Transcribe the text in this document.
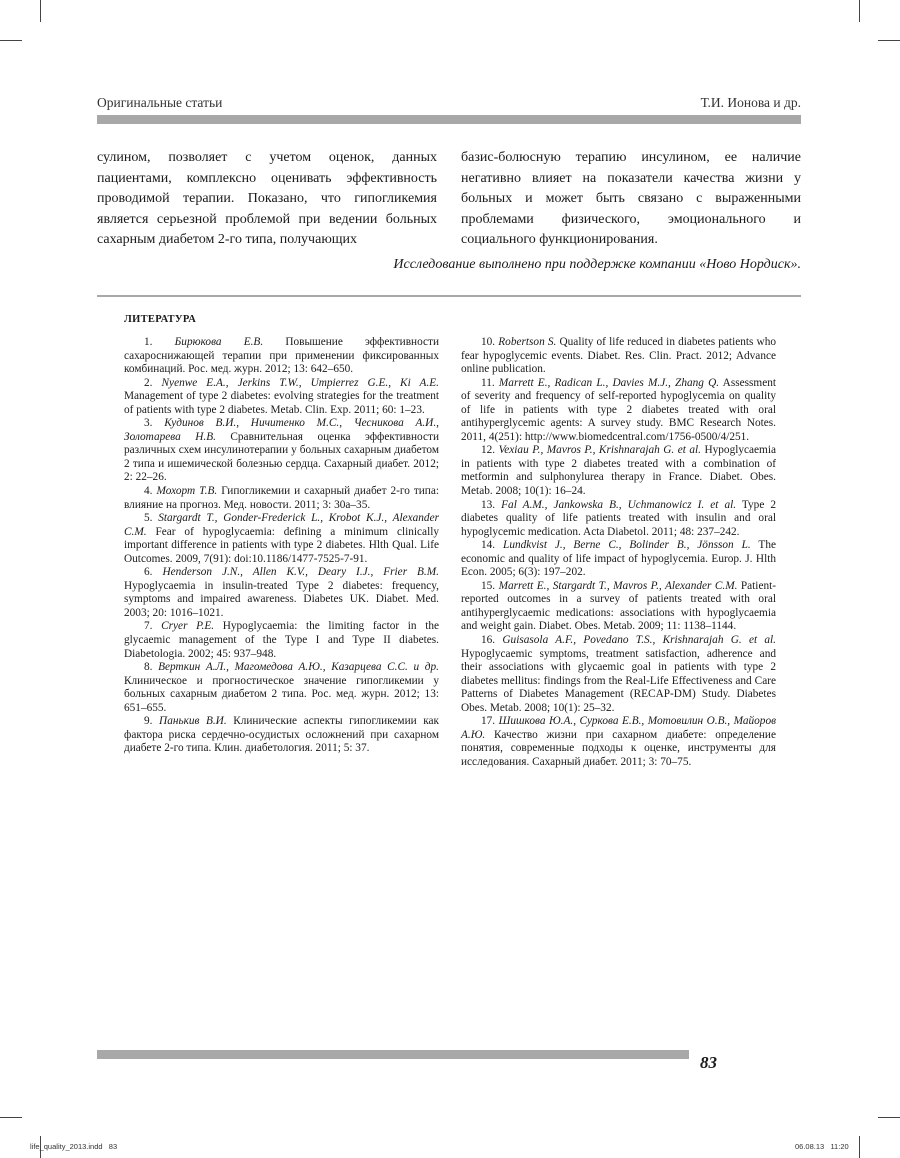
Оригинальные статьи	Т.И. Ионова и др.

сулином, позволяет с учетом оценок, данных пациентами, комплексно оценивать эффективность проводимой терапии. Показано, что гипогликемия является серьезной проблемой при ведении больных сахарным диабетом 2-го типа, получающих

базис-болюсную терапию инсулином, ее наличие негативно влияет на показатели качества жизни у больных и может быть связано с выраженными проблемами физического, эмоционального и социального функционирования.

Исследование выполнено при поддержке компании «Ново Нордиск».
ЛИТЕРАТУРА

1. Бирюкова Е.В. Повышение эффективности сахароснижающей терапии при применении фиксированных комбинаций. Рос. мед. журн. 2012; 13: 642–650.

2. Nyenwe E.A., Jerkins T.W., Umpierrez G.E., Ki A.E. Management of type 2 diabetes: evolving strategies for the treatment of patients with type 2 diabetes. Metab. Clin. Exp. 2011; 60: 1–23.

3. Кудинов В.И., Ничитенко М.С., Чесникова А.И., Золотарева Н.В. Сравнительная оценка эффективности различных схем инсулинотерапии у больных сахарным диабетом 2 типа и ишемической болезнью сердца. Сахарный диабет. 2012; 2: 22–26.

4. Мохорт Т.В. Гипогликемии и сахарный диабет 2-го типа: влияние на прогноз. Мед. новости. 2011; 3: 30а–35.

5. Stargardt T., Gonder-Frederick L., Krobot K.J., Alexander C.M. Fear of hypoglycaemia: defining a minimum clinically important difference in patients with type 2 diabetes. Hlth Qual. Life Outcomes. 2009, 7(91): doi:10.1186/1477-7525-7-91.

6. Henderson J.N., Allen K.V., Deary I.J., Frier B.M. Hypoglycaemia in insulin-treated Type 2 diabetes: frequency, symptoms and impaired awareness. Diabetes UK. Diabet. Med. 2003; 20: 1016–1021.

7. Cryer P.E. Hypoglycaemia: the limiting factor in the glycaemic management of the Type I and Type II diabetes. Diabetologia. 2002; 45: 937–948.

8. Верткин А.Л., Магомедова А.Ю., Казарцева С.С. и др. Клиническое и прогностическое значение гипогликемии у больных сахарным диабетом 2 типа. Рос. мед. журн. 2012; 13: 651–655.

9. Панькив В.И. Клинические аспекты гипогликемии как фактора риска сердечно-осудистых осложнений при сахарном диабете 2-го типа. Клин. диабетология. 2011; 5: 37.

10. Robertson S. Quality of life reduced in diabetes patients who fear hypoglycemic events. Diabet. Res. Clin. Pract. 2012; Advance online publication.

11. Marrett E., Radican L., Davies M.J., Zhang Q. Assessment of severity and frequency of self-reported hypoglycemia on quality of life in patients with type 2 diabetes treated with oral antihyperglycemic agents: A survey study. BMC Research Notes. 2011, 4(251): http://www.biomedcentral.com/1756-0500/4/251.

12. Vexiau P., Mavros P., Krishnarajah G. et al. Hypoglycaemia in patients with type 2 diabetes treated with a combination of metformin and sulphonylurea therapy in France. Diabet. Obes. Metab. 2008; 10(1): 16–24.

13. Fal A.M., Jankowska B., Uchmanowicz I. et al. Type 2 diabetes quality of life patients treated with insulin and oral hypoglycemic medication. Acta Diabetol. 2011; 48: 237–242.

14. Lundkvist J., Berne C., Bolinder B., Jönsson L. The economic and quality of life impact of hypoglycemia. Europ. J. Hlth Econ. 2005; 6(3): 197–202.

15. Marrett E., Stargardt T., Mavros P., Alexander C.M. Patient-reported outcomes in a survey of patients treated with oral antihyperglycaemic medications: associations with hypoglycaemia and weight gain. Diabet. Obes. Metab. 2009; 11: 1138–1144.

16. Guisasola A.F., Povedano T.S., Krishnarajah G. et al. Hypoglycaemic symptoms, treatment satisfaction, adherence and their associations with glycaemic goal in patients with type 2 diabetes mellitus: findings from the Real-Life Effectiveness and Care Patterns of Diabetes Management (RECAP-DM) Study. Diabetes Obes. Metab. 2008; 10(1): 25–32.

17. Шишкова Ю.А., Суркова Е.В., Мотовилин О.В., Майоров А.Ю. Качество жизни при сахарном диабете: определение понятия, современные подходы к оценке, инструменты для исследования. Сахарный диабет. 2011; 3: 70–75.

83
life_quality_2013.indd   83	06.08.13   11:20
